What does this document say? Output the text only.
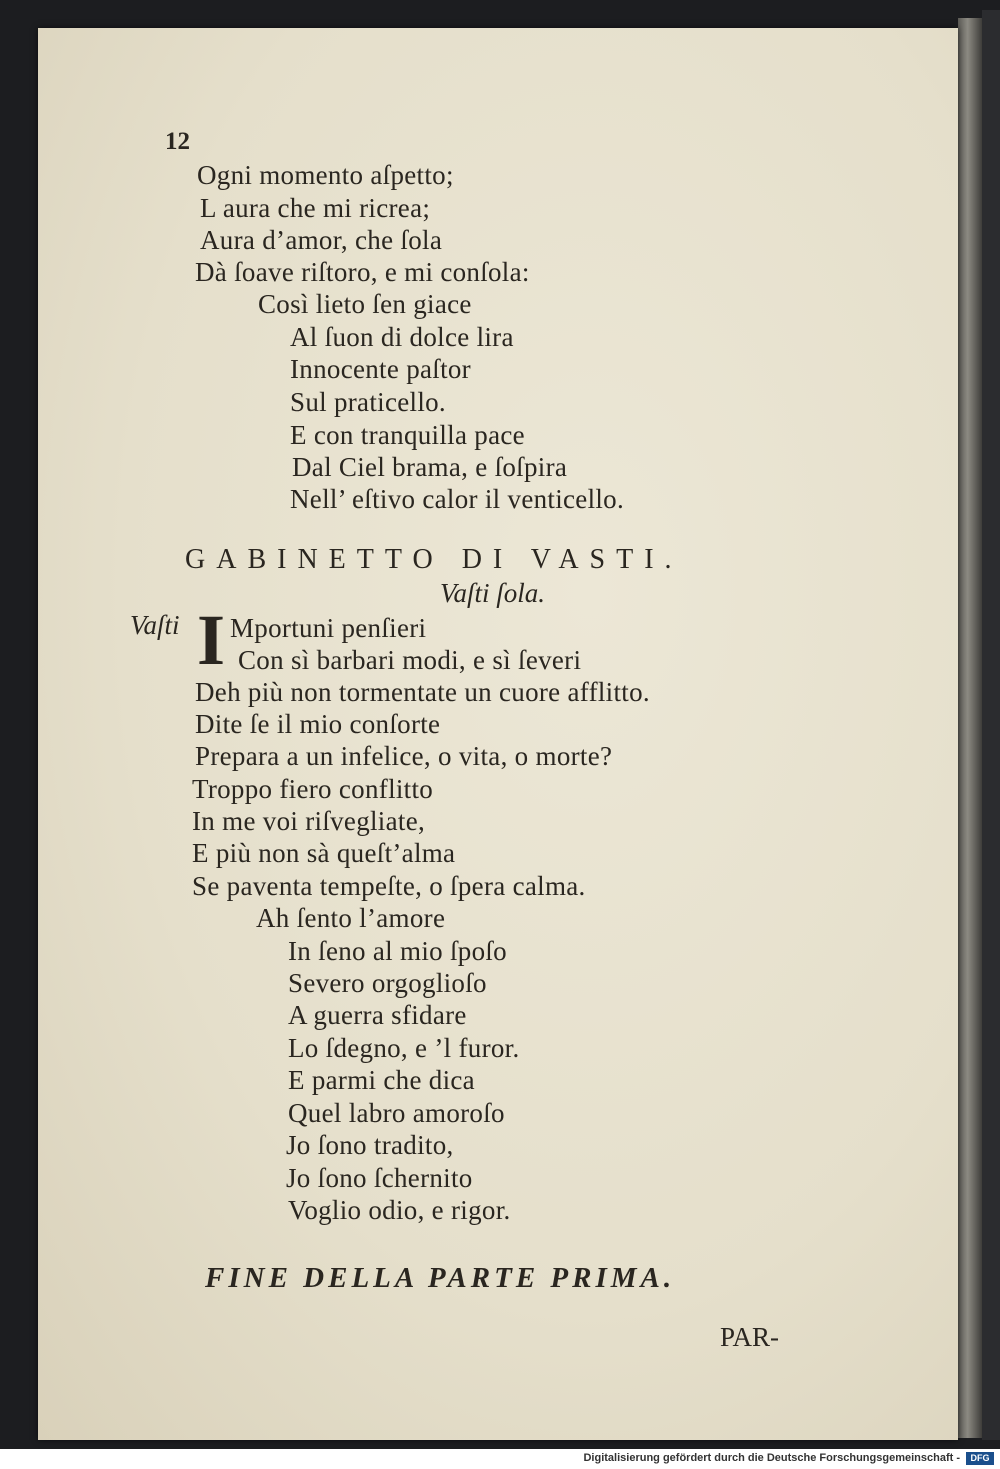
12
Ogni momento aſpetto;
L aura che mi ricrea;
Aura d’amor, che ſola
Dà ſoave riſtoro, e mi conſola:
Così lieto ſen giace
Al ſuon di dolce lira
Innocente paſtor
Sul praticello.
E con tranquilla pace
Dal Ciel brama, e ſoſpira
Nell’ eſtivo calor il venticello.
GABINETTO DI VASTI.
Vaſti ſola.
Vaſti I Mportuni penſieri
Con sì barbari modi, e sì ſeveri
Deh più non tormentate un cuore afflitto.
Dite ſe il mio conſorte
Prepara a un infelice, o vita, o morte?
Troppo fiero conflitto
In me voi riſvegliate,
E più non sà queſt’alma
Se paventa tempeſte, o ſpera calma.
Ah ſento l’amore
In ſeno al mio ſpoſo
Severo orgoglioſo
A guerra sfidare
Lo ſdegno, e ’l furor.
E parmi che dica
Quel labro amoroſo
Jo ſono tradito,
Jo ſono ſchernito
Voglio odio, e rigor.
FINE DELLA PARTE PRIMA.
PAR-
Digitalisierung gefördert durch die Deutsche Forschungsgemeinschaft -	DFG
